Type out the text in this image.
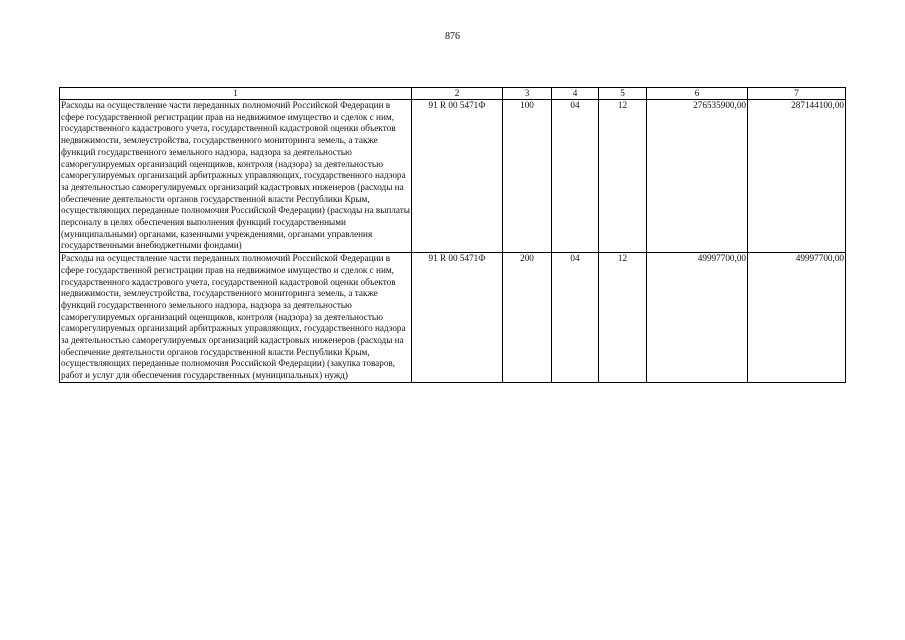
876
1	2	3	4	5	6	7
Расходы на осуществление части переданных полномочий Российской Федерации в сфере государственной регистрации прав на недвижимое имущество и сделок с ним, государственного кадастрового учета, государственной кадастровой оценки объектов недвижимости, землеустройства, государственного мониторинга земель, а также функций государственного земельного надзора, надзора за деятельностью саморегулируемых организаций оценщиков, контроля (надзора) за деятельностью саморегулируемых организаций арбитражных управляющих, государственного надзора за деятельностью саморегулируемых организаций кадастровых инженеров (расходы на обеспечение деятельности органов государственной власти Республики Крым, осуществляющих переданные полномочия Российской Федерации) (расходы на выплаты персоналу в целях обеспечения выполнения функций государственными (муниципальными) органами, казенными учреждениями, органами управления государственными внебюджетными фондами)	91 R 00 5471Ф	100	04	12	276535900,00	287144100,00
Расходы на осуществление части переданных полномочий Российской Федерации в сфере государственной регистрации прав на недвижимое имущество и сделок с ним, государственного кадастрового учета, государственной кадастровой оценки объектов недвижимости, землеустройства, государственного мониторинга земель, а также функций государственного земельного надзора, надзора за деятельностью саморегулируемых организаций оценщиков, контроля (надзора) за деятельностью саморегулируемых организаций арбитражных управляющих, государственного надзора за деятельностью саморегулируемых организаций кадастровых инженеров (расходы на обеспечение деятельности органов государственной власти Республики Крым, осуществляющих переданные полномочия Российской Федерации) (закупка товаров, работ и услуг для обеспечения государственных (муниципальных) нужд)	91 R 00 5471Ф	200	04	12	49997700,00	49997700,00
